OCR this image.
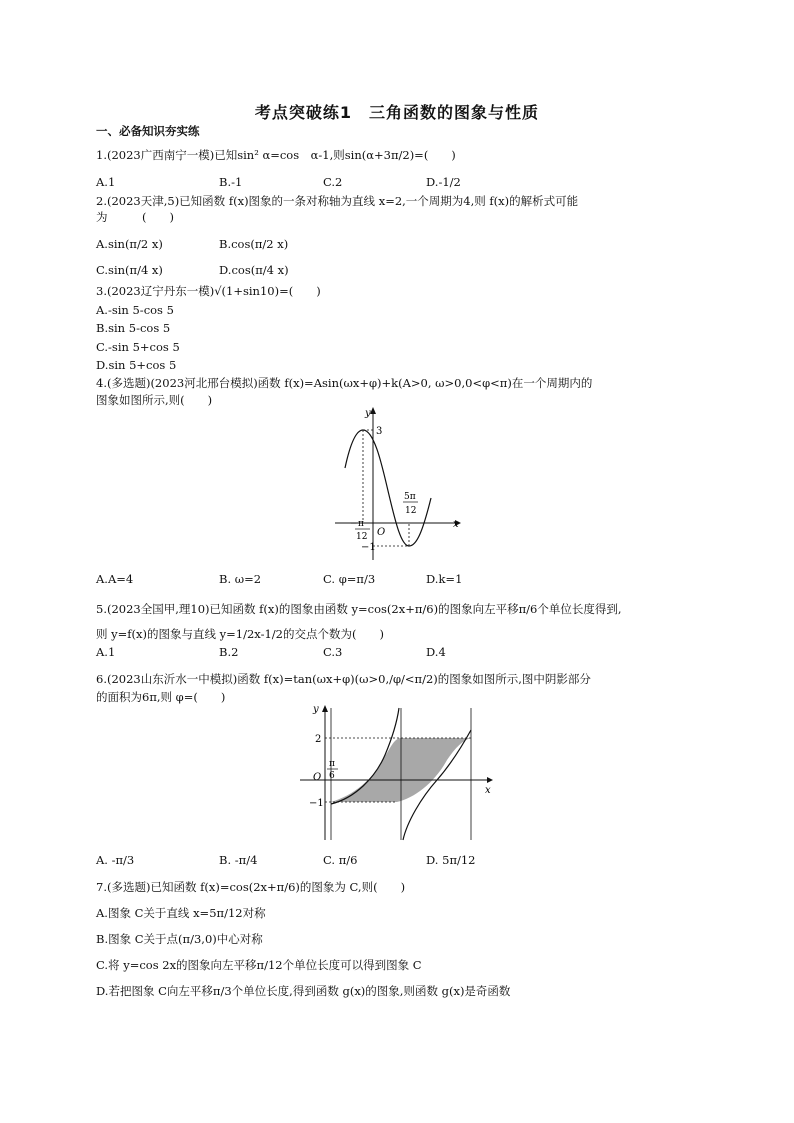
考点突破练1　三角函数的图象与性质
一、必备知识夯实练
1.(2023广西南宁一模)已知sin² α=cos　α-1,则sin(α+3π/2)=(　　)
A.1	B.-1	C.2	D.-1/2
2.(2023天津,5)已知函数 f(x)图象的一条对称轴为直线 x=2,一个周期为4,则 f(x)的解析式可能
为　　　(　　)
A.sin(π/2 x)	B.cos(π/2 x)
C.sin(π/4 x)	D.cos(π/4 x)
3.(2023辽宁丹东一模)√(1+sin10)=(　　)
A.-sin 5-cos 5
B.sin 5-cos 5
C.-sin 5+cos 5
D.sin 5+cos 5
4.(多选题)(2023河北邢台模拟)函数 f(x)=Asin(ωx+φ)+k(A>0, ω>0,0<φ<π)在一个周期内的
图象如图所示,则(　　)
y
x
O
3
−1
− π
12
5π
12
A.A=4	B. ω=2	C. φ=π/3	D.k=1
5.(2023全国甲,理10)已知函数 f(x)的图象由函数 y=cos(2x+π/6)的图象向左平移π/6个单位长度得到,
则 y=f(x)的图象与直线 y=1/2x-1/2的交点个数为(　　)
A.1	B.2	C.3	D.4
6.(2023山东沂水一中模拟)函数 f(x)=tan(ωx+φ)(ω>0,/φ/<π/2)的图象如图所示,图中阴影部分
的面积为6π,则 φ=(　　)
y
x
O
2
−1
π
6
A. -π/3	B. -π/4	C. π/6	D. 5π/12
7.(多选题)已知函数 f(x)=cos(2x+π/6)的图象为 C,则(　　)
A.图象 C关于直线 x=5π/12对称
B.图象 C关于点(π/3,0)中心对称
C.将 y=cos 2x的图象向左平移π/12个单位长度可以得到图象 C
D.若把图象 C向左平移π/3个单位长度,得到函数 g(x)的图象,则函数 g(x)是奇函数
